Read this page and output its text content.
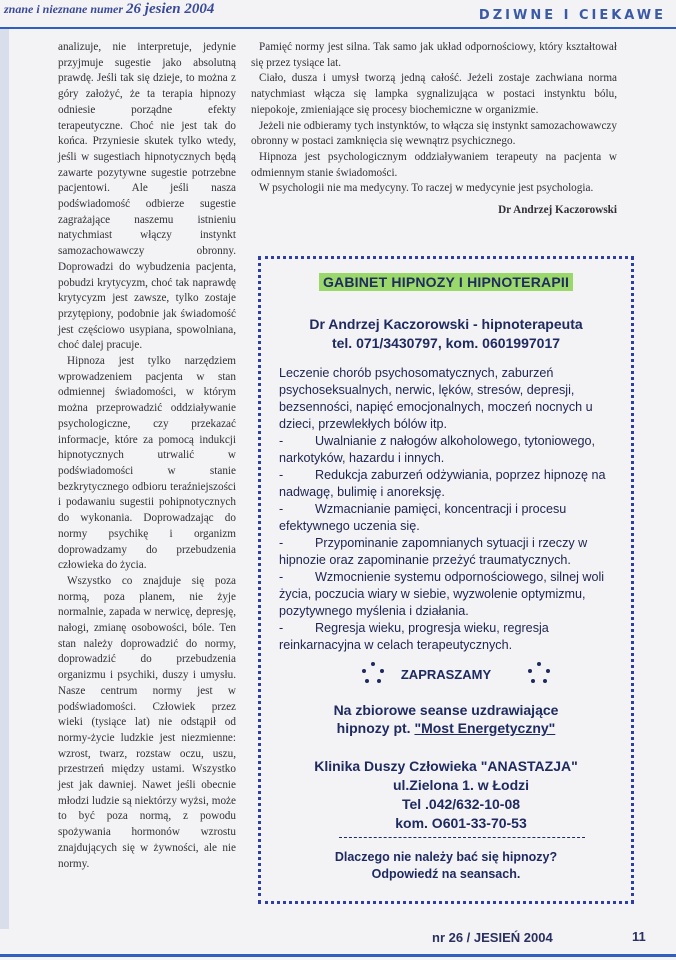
znane i nieznane numer 26 jesien 2004	DZIWNE I CIEKAWE

analizuje, nie interpretuje, jedynie przyjmuje sugestie jako absolutną prawdę. Jeśli tak się dzieje, to można z góry założyć, że ta terapia hipnozy odniesie porządne efekty terapeutyczne. Choć nie jest tak do końca. Przyniesie skutek tylko wtedy, jeśli w sugestiach hipnotycznych będą zawarte pozytywne sugestie potrzebne pacjentowi. Ale jeśli nasza podświadomość odbierze sugestie zagrażające naszemu istnieniu natychmiast włączy instynkt samozachowawczy obronny. Doprowadzi do wybudzenia pacjenta, pobudzi krytycyzm, choć tak naprawdę krytycyzm jest zawsze, tylko zostaje przytępiony, podobnie jak świadomość jest częściowo usypiana, spowolniana, choć dalej pracuje.

Hipnoza jest tylko narzędziem wprowadzeniem pacjenta w stan odmiennej świadomości, w którym można przeprowadzić oddziaływanie psychologiczne, czy przekazać informacje, które za pomocą indukcji hipnotycznych utrwalić w podświadomości w stanie bezkrytycznego odbioru teraźniejszości i podawaniu sugestii pohipnotycznych do wykonania. Doprowadzając do normy psychikę i organizm doprowadzamy do przebudzenia człowieka do życia.

Wszystko co znajduje się poza normą, poza planem, nie żyje normalnie, zapada w nerwicę, depresję, nałogi, zmianę osobowości, bóle. Ten stan należy doprowadzić do normy, doprowadzić do przebudzenia organizmu i psychiki, duszy i umysłu. Nasze centrum normy jest w podświadomości. Człowiek przez wieki (tysiące lat) nie odstąpił od normy-życie ludzkie jest niezmienne: wzrost, twarz, rozstaw oczu, uszu, przestrzeń między ustami. Wszystko jest jak dawniej. Nawet jeśli obecnie młodzi ludzie są niektórzy wyżsi, może to być poza normą, z powodu spożywania hormonów wzrostu znajdujących się w żywności, ale nie normy.

Pamięć normy jest silna. Tak samo jak układ odpornościowy, który kształtował się przez tysiące lat.

Ciało, dusza i umysł tworzą jedną całość. Jeżeli zostaje zachwiana norma natychmiast włącza się lampka sygnalizująca w postaci instynktu bólu, niepokoje, zmieniające się procesy biochemiczne w organizmie.

Jeżeli nie odbieramy tych instynktów, to włącza się instynkt samozachowawczy obronny w postaci zamknięcia się wewnątrz psychicznego.

Hipnoza jest psychologicznym oddziaływaniem terapeuty na pacjenta w odmiennym stanie świadomości.

W psychologii nie ma medycyny. To raczej w medycynie jest psychologia.

Dr Andrzej Kaczorowski
GABINET HIPNOZY I HIPNOTERAPII
Dr Andrzej Kaczorowski - hipnoterapeuta
tel. 071/3430797, kom. 0601997017

Leczenie chorób psychosomatycznych, zaburzeń psychoseksualnych, nerwic, lęków, stresów, depresji, bezsenności, napięć emocjonalnych, moczeń nocnych u dzieci, przewlekłych bólów itp.

-	Uwalnianie z nałogów alkoholowego, tytoniowego, narkotyków, hazardu i innych.

-	Redukcja zaburzeń odżywiania, poprzez hipnozę na nadwagę, bulimię i anoreksję.

-	Wzmacnianie pamięci, koncentracji i procesu efektywnego uczenia się.

-	Przypominanie zapomnianych sytuacji i rzeczy w hipnozie oraz zapominanie przeżyć traumatycznych.

-	Wzmocnienie systemu odpornościowego, silnej woli życia, poczucia wiary w siebie, wyzwolenie optymizmu, pozytywnego myślenia i działania.

-	Regresja wieku, progresja wieku, regresja reinkarnacyjna w celach terapeutycznych.

ZAPRASZAMY
Na zbiorowe seanse uzdrawiające
hipnozy pt. "Most Energetyczny"
Klinika Duszy Człowieka "ANASTAZJA"
ul.Zielona 1. w Łodzi
Tel .042/632-10-08
kom. O601-33-70-53
Dlaczego nie należy bać się hipnozy?
Odpowiedź na seansach.
nr 26 / JESIEŃ 2004	11
